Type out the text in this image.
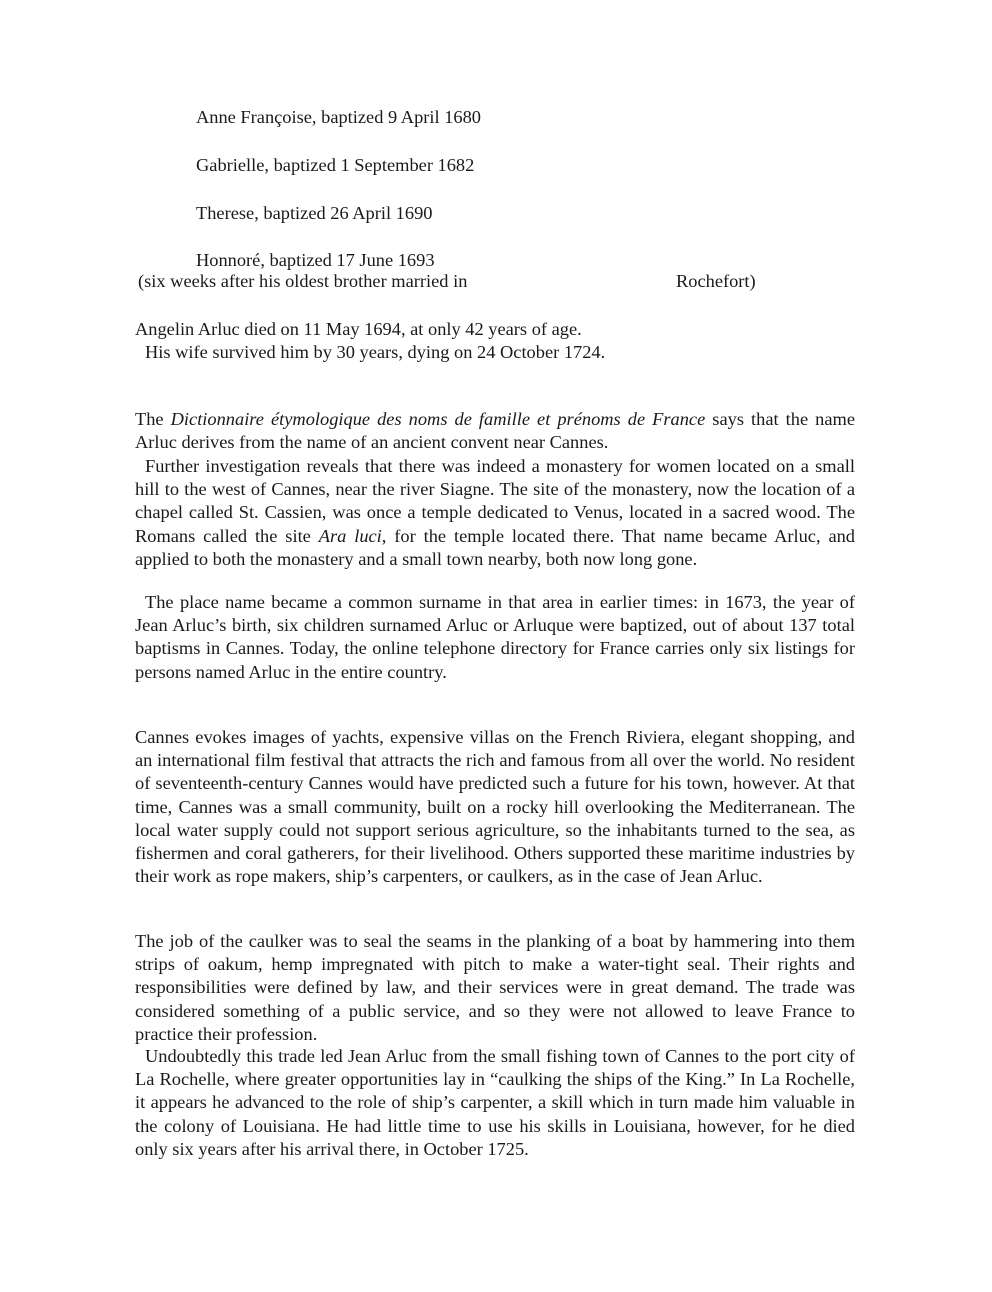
Anne Françoise, baptized 9 April 1680
Gabrielle, baptized 1 September 1682
Therese, baptized 26 April 1690
Honnoré, baptized 17 June 1693
(six weeks after his oldest brother married in	Rochefort)
Angelin Arluc died on 11 May 1694, at only 42 years of age.
His wife survived him by 30 years, dying on 24 October 1724.
The Dictionnaire étymologique des noms de famille et prénoms de France says that the name Arluc derives from the name of an ancient convent near Cannes.
Further investigation reveals that there was indeed a monastery for women located on a small hill to the west of Cannes, near the river Siagne. The site of the monastery, now the location of a chapel called St. Cassien, was once a temple dedicated to Venus, located in a sacred wood. The Romans called the site Ara luci, for the temple located there. That name became Arluc, and applied to both the monastery and a small town nearby, both now long gone.
The place name became a common surname in that area in earlier times: in 1673, the year of Jean Arluc’s birth, six children surnamed Arluc or Arluque were baptized, out of about 137 total baptisms in Cannes. Today, the online telephone directory for France carries only six listings for persons named Arluc in the entire country.
Cannes evokes images of yachts, expensive villas on the French Riviera, elegant shopping, and an international film festival that attracts the rich and famous from all over the world. No resident of seventeenth-century Cannes would have predicted such a future for his town, however. At that time, Cannes was a small community, built on a rocky hill overlooking the Mediterranean. The local water supply could not support serious agriculture, so the inhabitants turned to the sea, as fishermen and coral gatherers, for their livelihood. Others supported these maritime industries by their work as rope makers, ship’s carpenters, or caulkers, as in the case of Jean Arluc.
The job of the caulker was to seal the seams in the planking of a boat by hammering into them strips of oakum, hemp impregnated with pitch to make a water-tight seal. Their rights and responsibilities were defined by law, and their services were in great demand. The trade was considered something of a public service, and so they were not allowed to leave France to practice their profession.
Undoubtedly this trade led Jean Arluc from the small fishing town of Cannes to the port city of La Rochelle, where greater opportunities lay in “caulking the ships of the King.” In La Rochelle, it appears he advanced to the role of ship’s carpenter, a skill which in turn made him valuable in the colony of Louisiana. He had little time to use his skills in Louisiana, however, for he died only six years after his arrival there, in October 1725.
